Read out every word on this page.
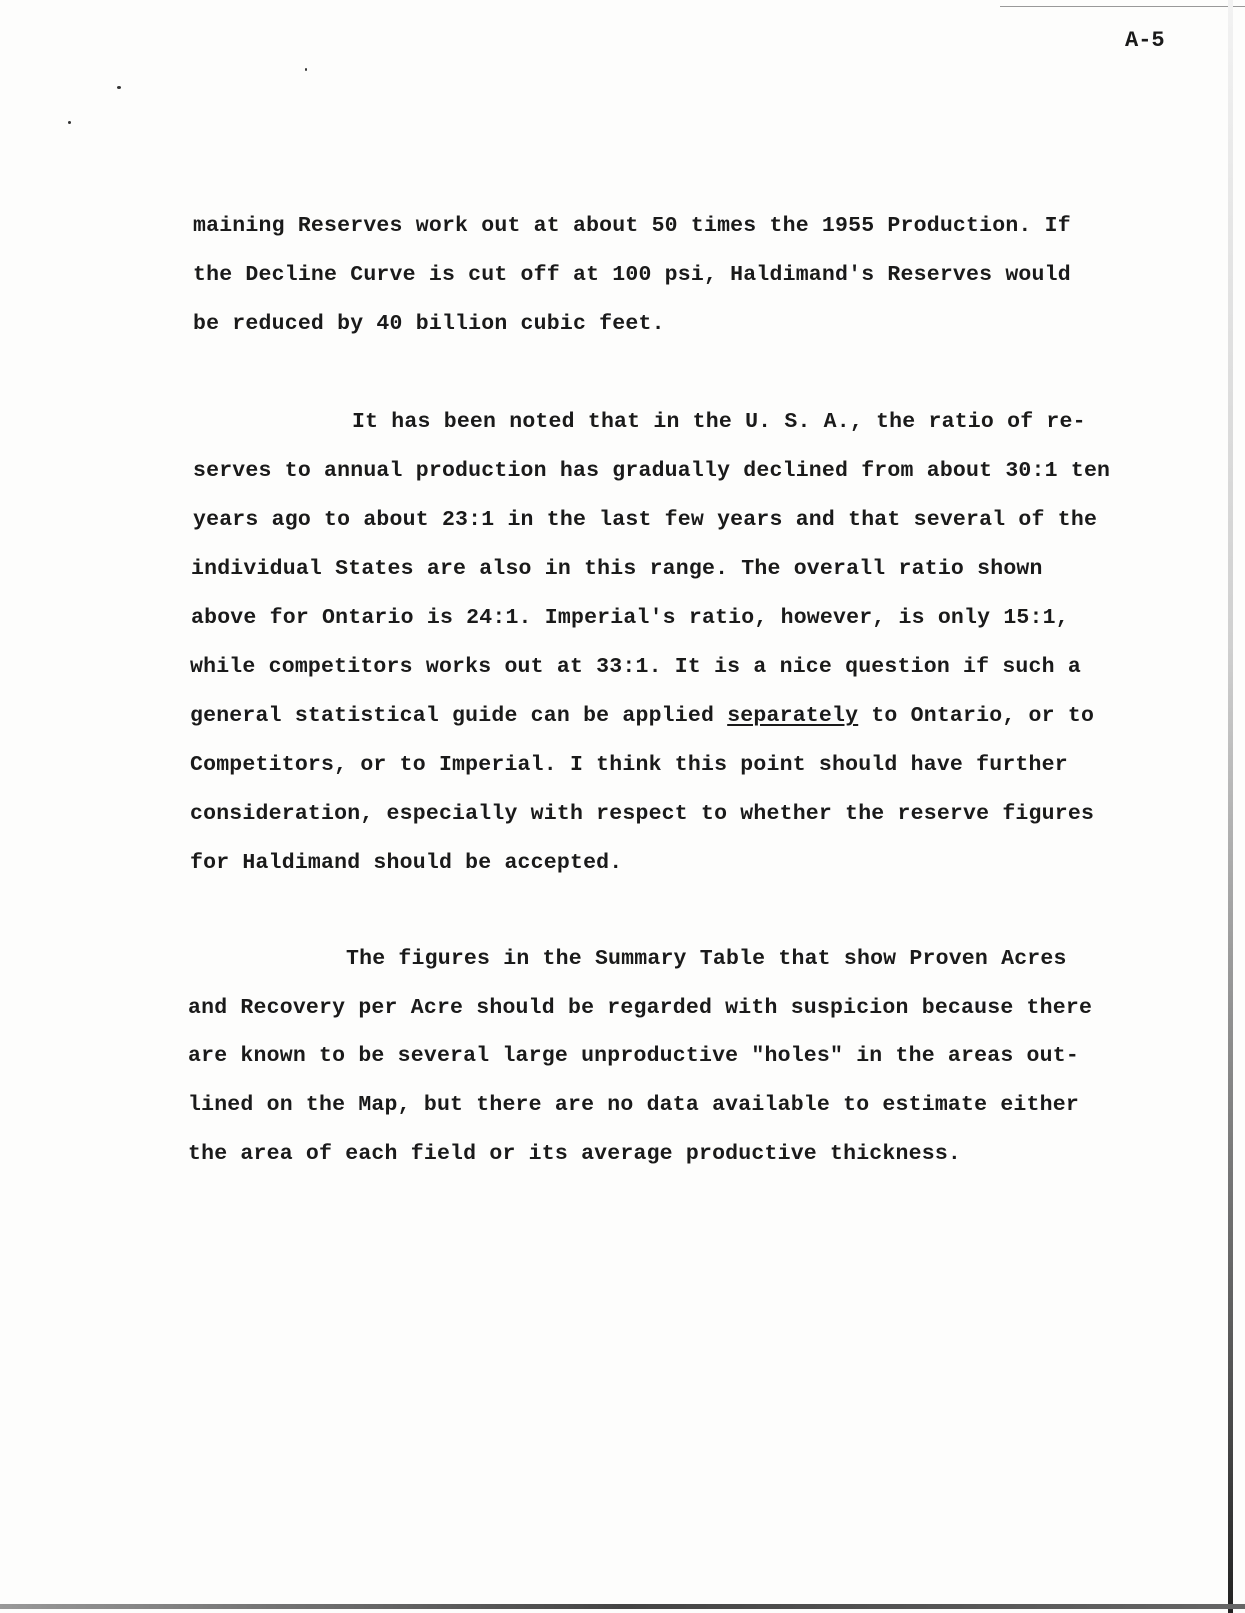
A-5
maining Reserves work out at about 50 times the 1955 Production. If
the Decline Curve is cut off at 100 psi, Haldimand's Reserves would
be reduced by 40 billion cubic feet.
It has been noted that in the U. S. A., the ratio of re-
serves to annual production has gradually declined from about 30:1 ten
years ago to about 23:1 in the last few years and that several of the
individual States are also in this range. The overall ratio shown
above for Ontario is 24:1. Imperial's ratio, however, is only 15:1,
while competitors works out at 33:1. It is a nice question if such a
general statistical guide can be applied separately to Ontario, or to
Competitors, or to Imperial. I think this point should have further
consideration, especially with respect to whether the reserve figures
for Haldimand should be accepted.
The figures in the Summary Table that show Proven Acres
and Recovery per Acre should be regarded with suspicion because there
are known to be several large unproductive "holes" in the areas out-
lined on the Map, but there are no data available to estimate either
the area of each field or its average productive thickness.
